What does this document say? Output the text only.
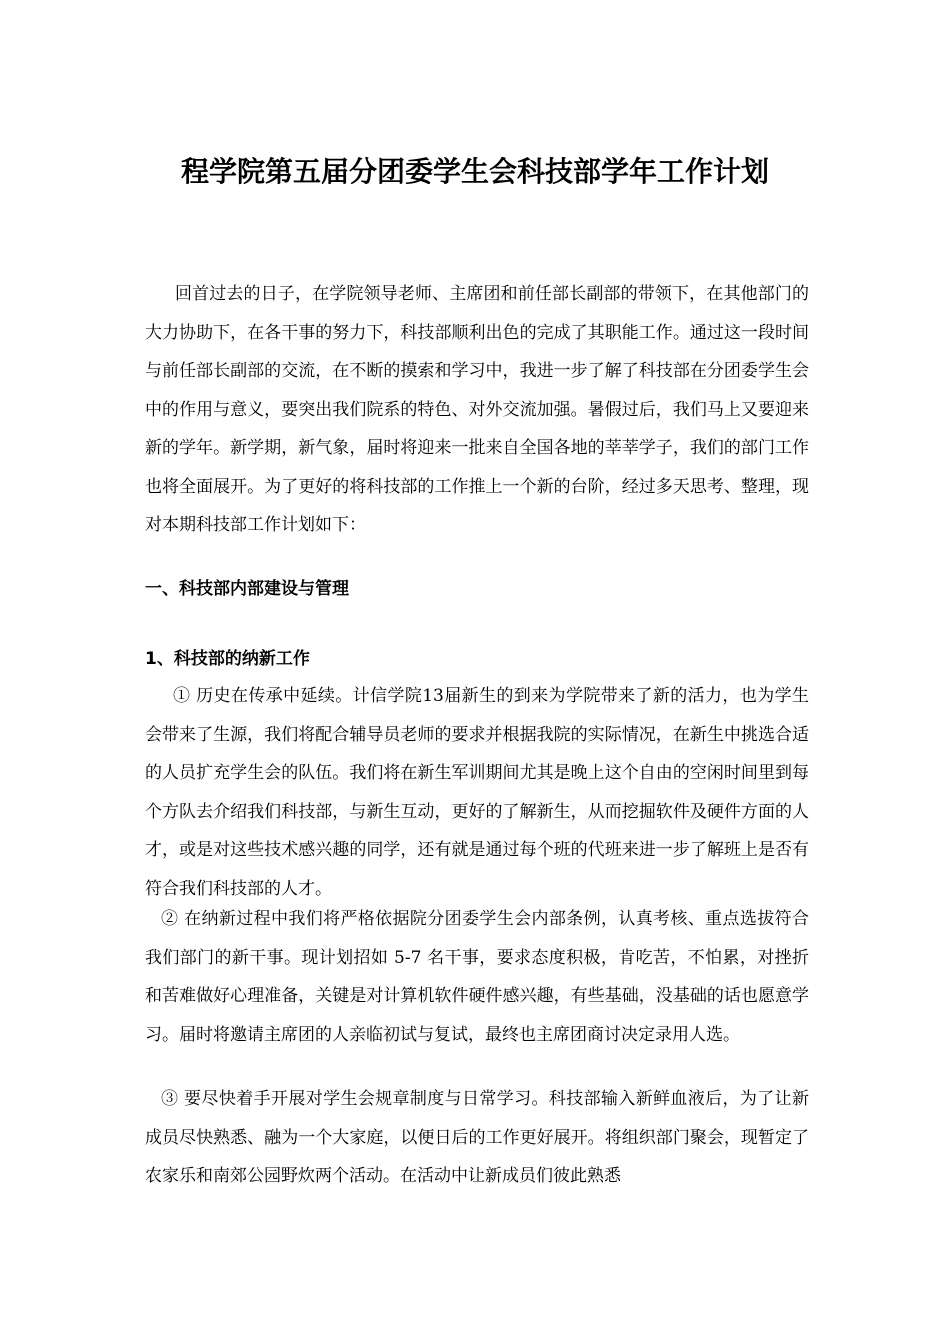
程学院第五届分团委学生会科技部学年工作计划

回首过去的日子，在学院领导老师、主席团和前任部长副部的带领下，在其他部门的大力协助下，在各干事的努力下，科技部顺利出色的完成了其职能工作。通过这一段时间与前任部长副部的交流，在不断的摸索和学习中，我进一步了解了科技部在分团委学生会中的作用与意义，要突出我们院系的特色、对外交流加强。暑假过后，我们马上又要迎来新的学年。新学期，新气象，届时将迎来一批来自全国各地的莘莘学子，我们的部门工作也将全面展开。为了更好的将科技部的工作推上一个新的台阶，经过多天思考、整理，现对本期科技部工作计划如下：

一、科技部内部建设与管理
1、科技部的纳新工作

① 历史在传承中延续。计信学院13届新生的到来为学院带来了新的活力，也为学生会带来了生源，我们将配合辅导员老师的要求并根据我院的实际情况，在新生中挑选合适的人员扩充学生会的队伍。我们将在新生军训期间尤其是晚上这个自由的空闲时间里到每个方队去介绍我们科技部，与新生互动，更好的了解新生，从而挖掘软件及硬件方面的人才，或是对这些技术感兴趣的同学，还有就是通过每个班的代班来进一步了解班上是否有符合我们科技部的人才。

② 在纳新过程中我们将严格依据院分团委学生会内部条例，认真考核、重点选拔符合我们部门的新干事。现计划招如 5-7 名干事，要求态度积极，肯吃苦，不怕累，对挫折和苦难做好心理准备，关键是对计算机软件硬件感兴趣，有些基础，没基础的话也愿意学习。届时将邀请主席团的人亲临初试与复试，最终也主席团商讨决定录用人选。

③ 要尽快着手开展对学生会规章制度与日常学习。科技部输入新鲜血液后，为了让新成员尽快熟悉、融为一个大家庭，以便日后的工作更好展开。将组织部门聚会，现暂定了农家乐和南郊公园野炊两个活动。在活动中让新成员们彼此熟悉
